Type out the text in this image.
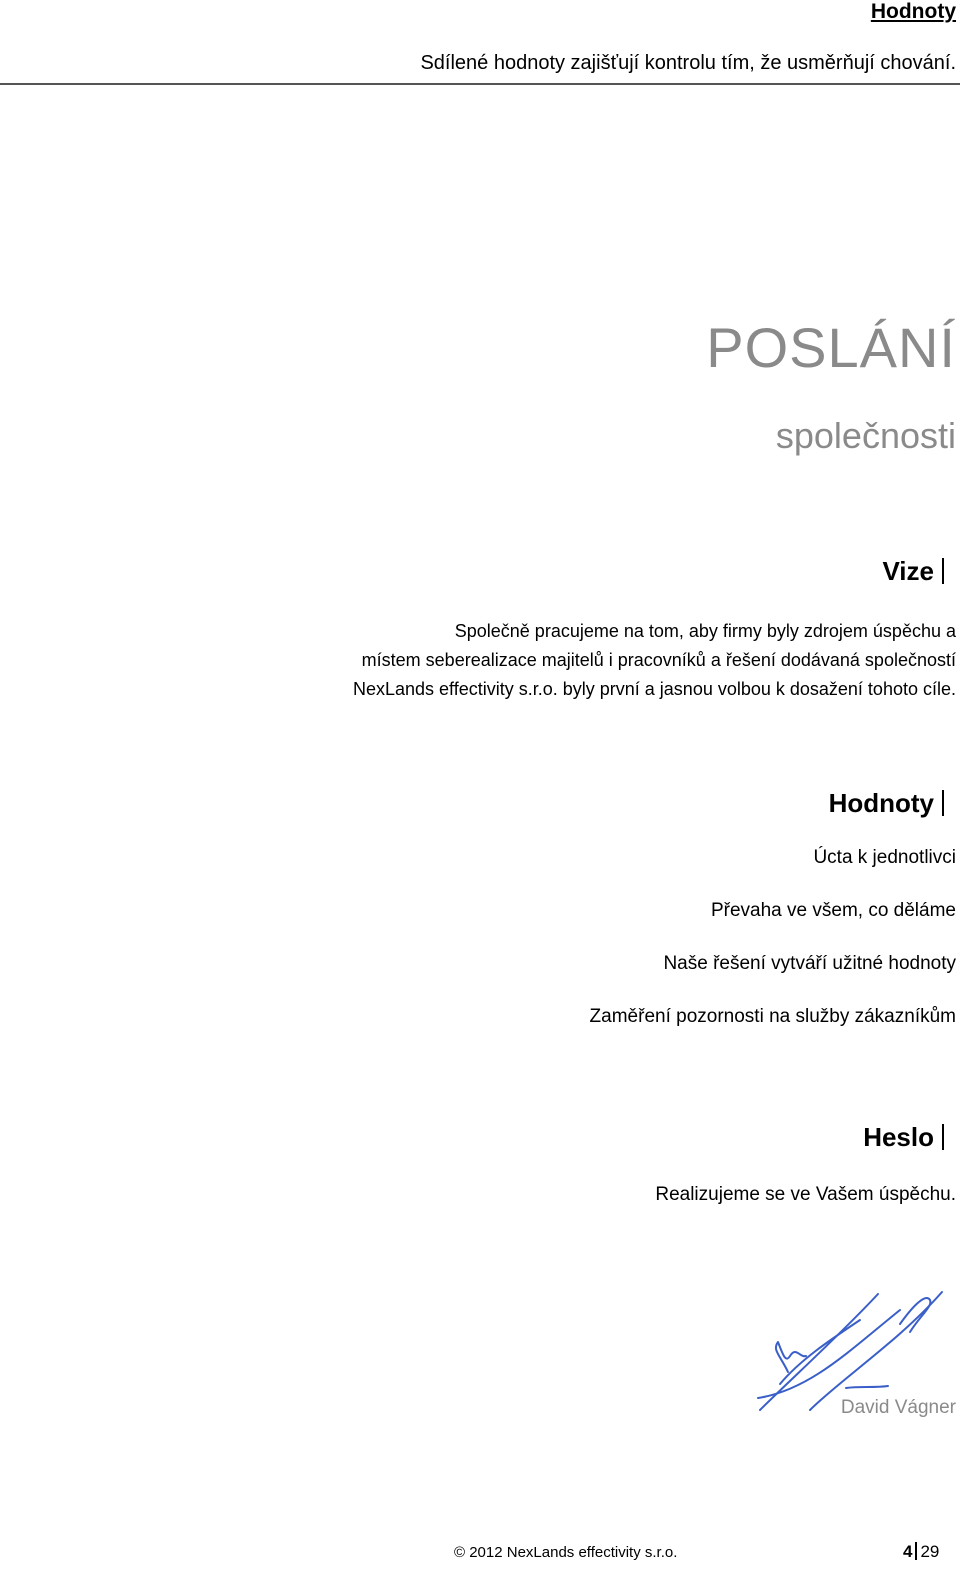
Hodnoty
Sdílené hodnoty zajišťují kontrolu tím, že usměrňují chování.
POSLÁNÍ
společnosti
Vize
Společně pracujeme na tom, aby firmy byly zdrojem úspěchu a
místem seberealizace majitelů i pracovníků a řešení dodávaná společností
NexLands effectivity s.r.o. byly první a jasnou volbou k dosažení tohoto cíle.
Hodnoty
Úcta k jednotlivci
Převaha ve všem, co děláme
Naše řešení vytváří užitné hodnoty
Zaměření pozornosti na služby zákazníkům
Heslo
Realizujeme se ve Vašem úspěchu.
David Vágner
© 2012 NexLands effectivity s.r.o.	4 29
